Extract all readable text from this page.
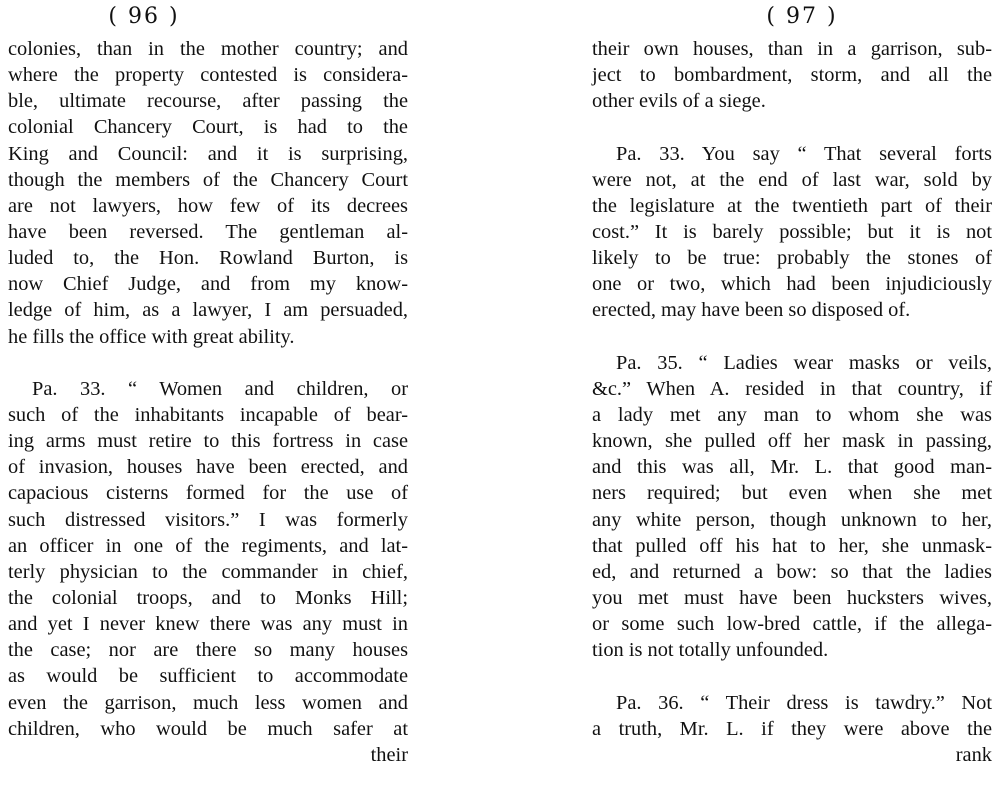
( 96 )
colonies, than in the mother country; and
where the property contested is considera-
ble, ultimate recourse, after passing the
colonial Chancery Court, is had to the
King and Council: and it is surprising,
though the members of the Chancery Court
are not lawyers, how few of its decrees
have been reversed. The gentleman al-
luded to, the Hon. Rowland Burton, is
now Chief Judge, and from my know-
ledge of him, as a lawyer, I am persuaded,
he fills the office with great ability.
Pa. 33. “ Women and children, or
such of the inhabitants incapable of bear-
ing arms must retire to this fortress in case
of invasion, houses have been erected, and
capacious cisterns formed for the use of
such distressed visitors.” I was formerly
an officer in one of the regiments, and lat-
terly physician to the commander in chief,
the colonial troops, and to Monks Hill;
and yet I never knew there was any must in
the case; nor are there so many houses
as would be sufficient to accommodate
even the garrison, much less women and
children, who would be much safer at
their
( 97 )
their own houses, than in a garrison, sub-
ject to bombardment, storm, and all the
other evils of a siege.
Pa. 33. You say “ That several forts
were not, at the end of last war, sold by
the legislature at the twentieth part of their
cost.” It is barely possible; but it is not
likely to be true: probably the stones of
one or two, which had been injudiciously
erected, may have been so disposed of.
Pa. 35. “ Ladies wear masks or veils,
&c.” When A. resided in that country, if
a lady met any man to whom she was
known, she pulled off her mask in passing,
and this was all, Mr. L. that good man-
ners required; but even when she met
any white person, though unknown to her,
that pulled off his hat to her, she unmask-
ed, and returned a bow: so that the ladies
you met must have been hucksters wives,
or some such low-bred cattle, if the allega-
tion is not totally unfounded.
Pa. 36. “ Their dress is tawdry.” Not
a truth, Mr. L. if they were above the
rank
